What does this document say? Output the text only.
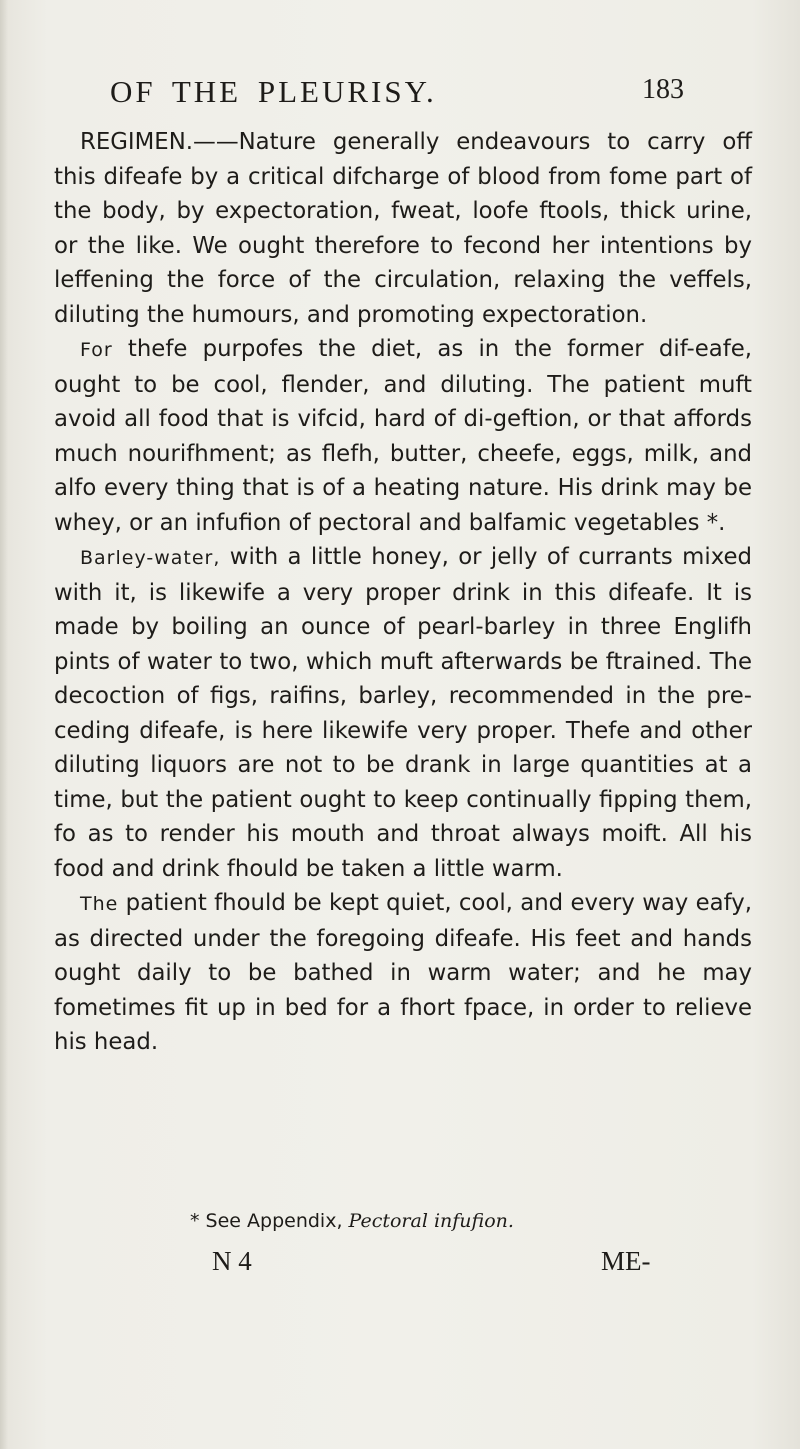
OF THE PLEURISY.	183

REGIMEN.——Nature generally endeavours to carry off this difeafe by a critical difcharge of blood from fome part of the body, by expectoration, fweat, loofe ftools, thick urine, or the like. We ought therefore to fecond her intentions by leffening the force of the circulation, relaxing the veffels, diluting the humours, and promoting expectoration.

For thefe purpofes the diet, as in the former dif-eafe, ought to be cool, flender, and diluting. The patient muft avoid all food that is vifcid, hard of di-geftion, or that affords much nourifhment; as flefh, butter, cheefe, eggs, milk, and alfo every thing that is of a heating nature. His drink may be whey, or an infufion of pectoral and balfamic vegetables *.

Barley-water, with a little honey, or jelly of currants mixed with it, is likewife a very proper drink in this difeafe. It is made by boiling an ounce of pearl-barley in three Englifh pints of water to two, which muft afterwards be ftrained. The decoction of figs, raifins, barley, recommended in the pre-ceding difeafe, is here likewife very proper. Thefe and other diluting liquors are not to be drank in large quantities at a time, but the patient ought to keep continually fipping them, fo as to render his mouth and throat always moift. All his food and drink fhould be taken a little warm.

The patient fhould be kept quiet, cool, and every way eafy, as directed under the foregoing difeafe. His feet and hands ought daily to be bathed in warm water; and he may fometimes fit up in bed for a fhort fpace, in order to relieve his head.

* See Appendix, Pectoral infufion.
N 4	ME-
